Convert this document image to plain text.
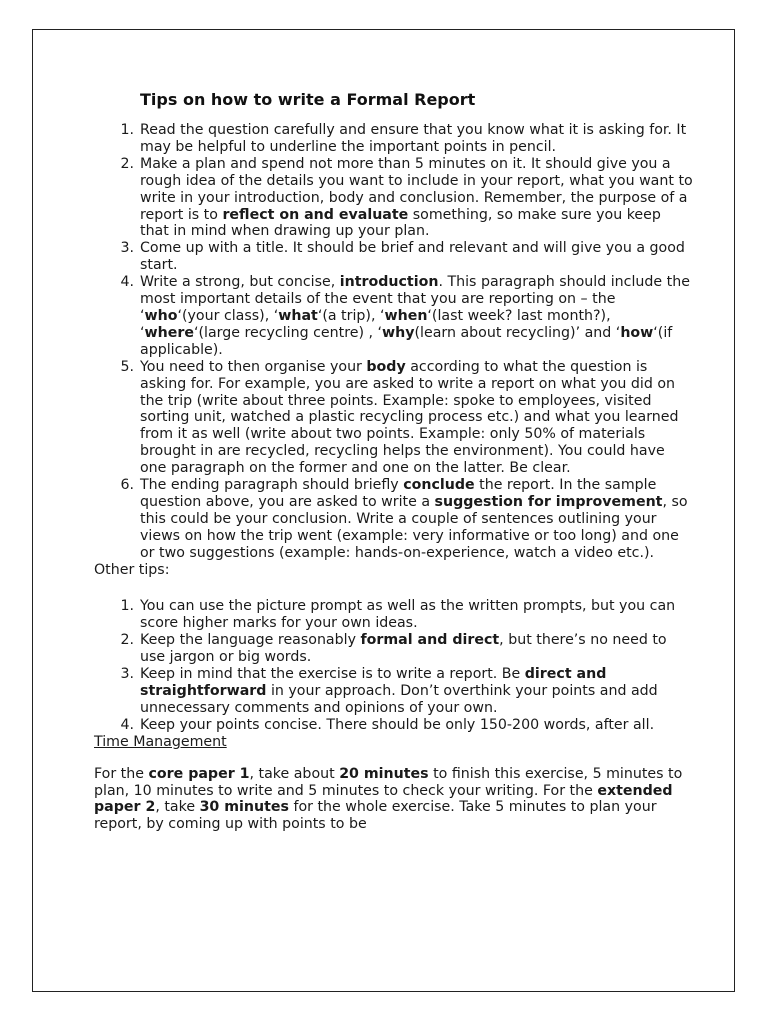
Tips on how to write a Formal Report
1. Read the question carefully and ensure that you know what it is asking for. It may be helpful to underline the important points in pencil.
2. Make a plan and spend not more than 5 minutes on it. It should give you a rough idea of the details you want to include in your report, what you want to write in your introduction, body and conclusion. Remember, the purpose of a report is to reflect on and evaluate something, so make sure you keep that in mind when drawing up your plan.
3. Come up with a title. It should be brief and relevant and will give you a good start.
4. Write a strong, but concise, introduction. This paragraph should include the most important details of the event that you are reporting on – the ‘who‘(your class), ‘what‘(a trip), ‘when‘(last week? last month?), ‘where‘(large recycling centre) , ‘why(learn about recycling)’ and ‘how‘(if applicable).
5. You need to then organise your body according to what the question is asking for. For example, you are asked to write a report on what you did on the trip (write about three points. Example: spoke to employees, visited sorting unit, watched a plastic recycling process etc.) and what you learned from it as well (write about two points. Example: only 50% of materials brought in are recycled, recycling helps the environment). You could have one paragraph on the former and one on the latter. Be clear.
6. The ending paragraph should briefly conclude the report. In the sample question above, you are asked to write a suggestion for improvement, so this could be your conclusion. Write a couple of sentences outlining your views on how the trip went (example: very informative or too long) and one or two suggestions (example: hands-on-experience, watch a video etc.).

Other tips:

1. You can use the picture prompt as well as the written prompts, but you can score higher marks for your own ideas.
2. Keep the language reasonably formal and direct, but there’s no need to use jargon or big words.
3. Keep in mind that the exercise is to write a report. Be direct and straightforward in your approach. Don’t overthink your points and add unnecessary comments and opinions of your own.
4. Keep your points concise. There should be only 150-200 words, after all.

Time Management

For the core paper 1, take about 20 minutes to finish this exercise, 5 minutes to plan, 10 minutes to write and 5 minutes to check your writing. For the extended paper 2, take 30 minutes for the whole exercise. Take 5 minutes to plan your report, by coming up with points to be
